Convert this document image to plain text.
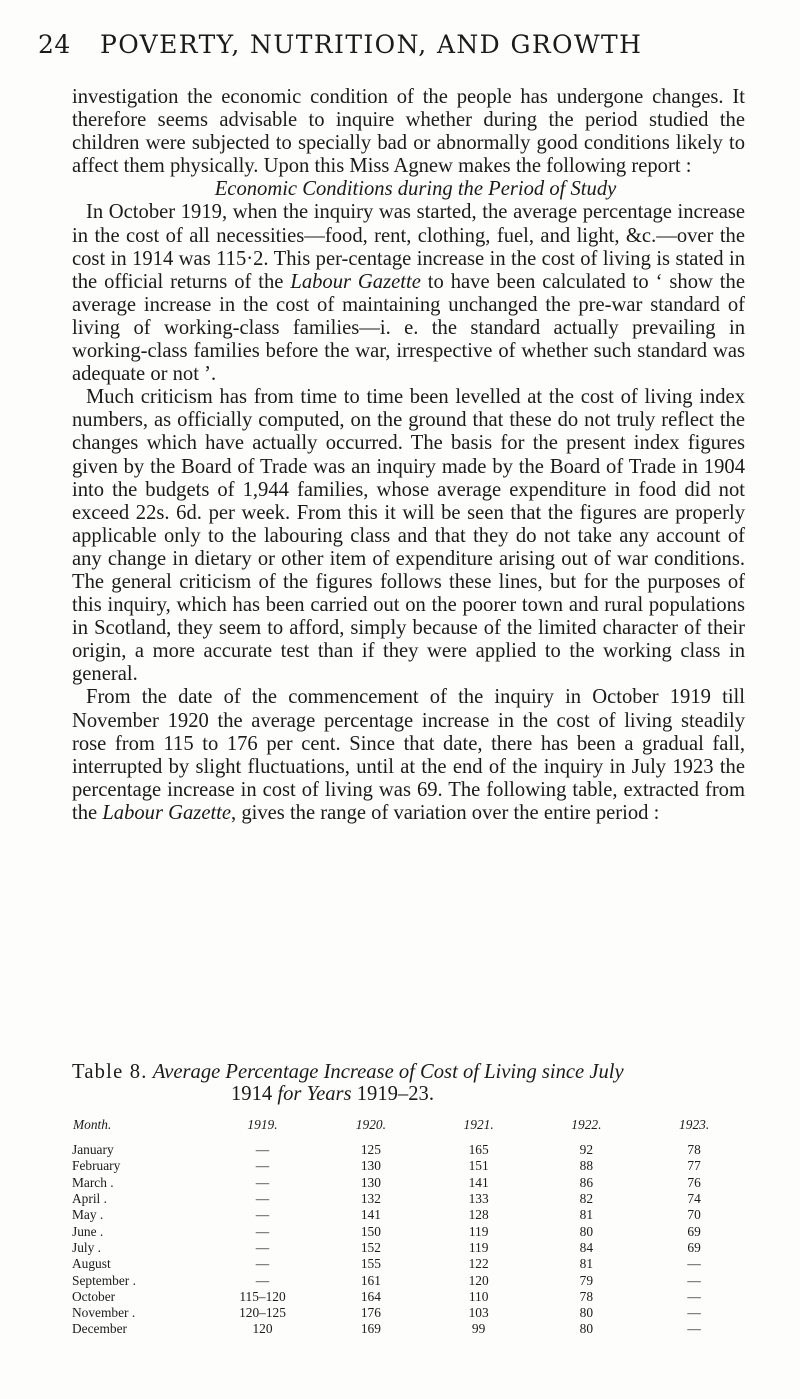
24 POVERTY, NUTRITION, AND GROWTH

investigation the economic condition of the people has undergone changes. It therefore seems advisable to inquire whether during the period studied the children were subjected to specially bad or abnormally good conditions likely to affect them physically. Upon this Miss Agnew makes the following report :

Economic Conditions during the Period of Study

In October 1919, when the inquiry was started, the average percentage increase in the cost of all necessities—food, rent, clothing, fuel, and light, &c.—over the cost in 1914 was 115·2. This per-centage increase in the cost of living is stated in the official returns of the Labour Gazette to have been calculated to ‘ show the average increase in the cost of maintaining unchanged the pre-war standard of living of working-class families—i. e. the standard actually prevailing in working-class families before the war, irrespective of whether such standard was adequate or not ’.

Much criticism has from time to time been levelled at the cost of living index numbers, as officially computed, on the ground that these do not truly reflect the changes which have actually occurred. The basis for the present index figures given by the Board of Trade was an inquiry made by the Board of Trade in 1904 into the budgets of 1,944 families, whose average expenditure in food did not exceed 22s. 6d. per week. From this it will be seen that the figures are properly applicable only to the labouring class and that they do not take any account of any change in dietary or other item of expenditure arising out of war conditions. The general criticism of the figures follows these lines, but for the purposes of this inquiry, which has been carried out on the poorer town and rural populations in Scotland, they seem to afford, simply because of the limited character of their origin, a more accurate test than if they were applied to the working class in general.

From the date of the commencement of the inquiry in October 1919 till November 1920 the average percentage increase in the cost of living steadily rose from 115 to 176 per cent. Since that date, there has been a gradual fall, interrupted by slight fluctuations, until at the end of the inquiry in July 1923 the percentage increase in cost of living was 69. The following table, extracted from the Labour Gazette, gives the range of variation over the entire period :

Table 8. Average Percentage Increase of Cost of Living since July
1914 for Years 1919–23.
Month.	1919.	1920.	1921.	1922.	1923.
January	—	125	165	92	78
February	—	130	151	88	77
March .	—	130	141	86	76
April .	—	132	133	82	74
May .	—	141	128	81	70
June .	—	150	119	80	69
July .	—	152	119	84	69
August	—	155	122	81	—
September .	—	161	120	79	—
October	115–120	164	110	78	—
November .	120–125	176	103	80	—
December	120	169	99	80	—
